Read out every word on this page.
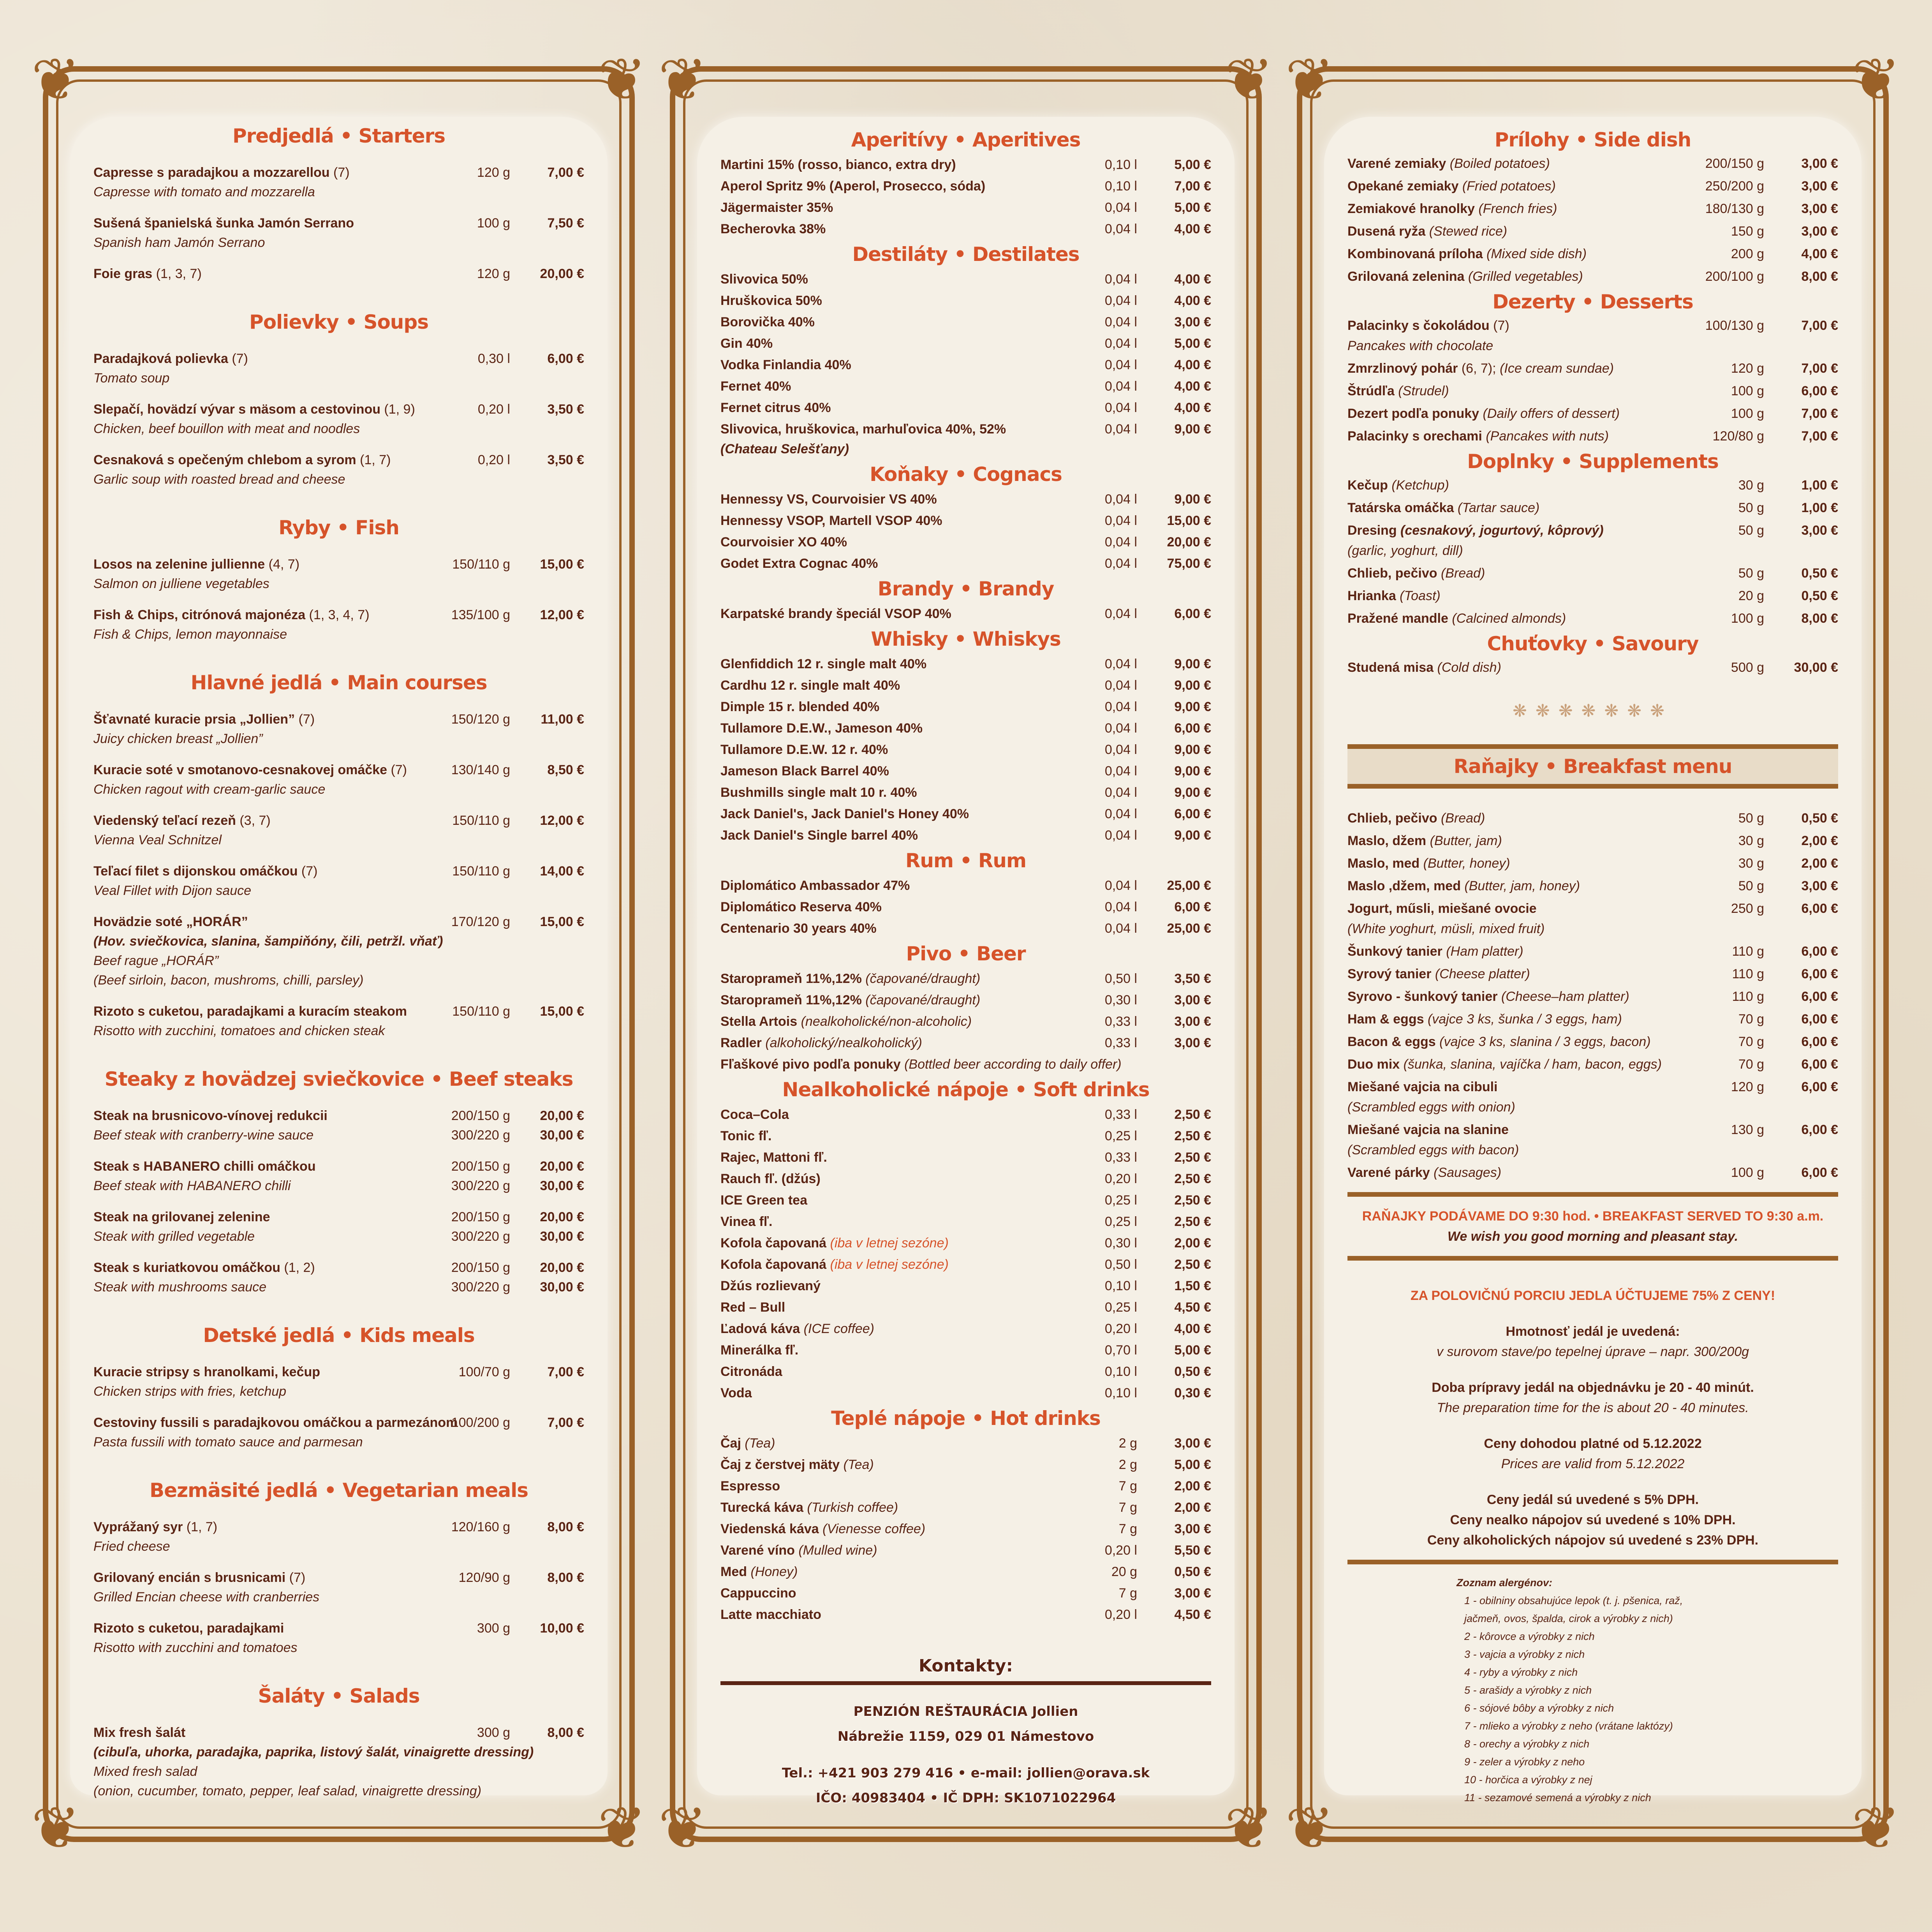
❦	❦
❦	❦
Predjedlá • Starters
Capresse s paradajkou a mozzarellou (7)
Capresse with tomato and mozzarella
120 g	7,00 €
Sušená španielská šunka Jamón Serrano
Spanish ham Jamón Serrano
100 g	7,50 €
Foie gras (1, 3, 7)	120 g 20,00 €
Polievky • Soups
Paradajková polievka (7)
Tomato soup
0,30 l	6,00 €
Slepačí, hovädzí vývar s mäsom a cestovinou (1, 9)
Chicken, beef bouillon with meat and noodles
0,20 l	3,50 €
Cesnaková s opečeným chlebom a syrom (1, 7)
Garlic soup with roasted bread and cheese
0,20 l	3,50 €
Ryby • Fish
Losos na zelenine jullienne (4, 7)
Salmon on julliene vegetables
150/110 g 15,00 €
Fish & Chips, citrónová majonéza (1, 3, 4, 7)
Fish & Chips, lemon mayonnaise
135/100 g 12,00 €
Hlavné jedlá • Main courses
Šťavnaté kuracie prsia „Jollien” (7)
Juicy chicken breast „Jollien”
150/120 g 11,00 €
Kuracie soté v smotanovo-cesnakovej omáčke (7)
Chicken ragout with cream-garlic sauce
130/140 g	8,50 €
Viedenský teľací rezeň (3, 7)
Vienna Veal Schnitzel
150/110 g 12,00 €
Teľací filet s dijonskou omáčkou (7)
Veal Fillet with Dijon sauce
150/110 g 14,00 €
Hovädzie soté „HORÁR”
(Hov. sviečkovica, slanina, šampiňóny, čili, petržl. vňať)
Beef rague „HORÁR”
(Beef sirloin, bacon, mushroms, chilli, parsley)
170/120 g 15,00 €
Rizoto s cuketou, paradajkami a kuracím steakom
Risotto with zucchini, tomatoes and chicken steak
150/110 g 15,00 €
Steaky z hovädzej sviečkovice • Beef steaks
Steak na brusnicovo-vínovej redukcii
Beef steak with cranberry-wine sauce
200/150 g 20,00 €
300/220 g 30,00 €
Steak s HABANERO chilli omáčkou
Beef steak with HABANERO chilli
200/150 g 20,00 €
300/220 g 30,00 €
Steak na grilovanej zelenine
Steak with grilled vegetable
200/150 g 20,00 €
300/220 g 30,00 €
Steak s kuriatkovou omáčkou (1, 2)
Steak with mushrooms sauce
200/150 g 20,00 €
300/220 g 30,00 €
Detské jedlá • Kids meals
Kuracie stripsy s hranolkami, kečup
Chicken strips with fries, ketchup
100/70 g	7,00 €
Cestoviny fussili s paradajkovou omáčkou a parmezánom
Pasta fussili with tomato sauce and parmesan
100/200 g	7,00 €
Bezmäsité jedlá • Vegetarian meals
Vyprážaný syr (1, 7)
Fried cheese
120/160 g	8,00 €
Grilovaný encián s brusnicami (7)
Grilled Encian cheese with cranberries
120/90 g	8,00 €
Rizoto s cuketou, paradajkami
Risotto with zucchini and tomatoes
300 g 10,00 €
Šaláty • Salads
Mix fresh šalát
(cibuľa, uhorka, paradajka, paprika, listový šalát, vinaigrette dressing)
Mixed fresh salad
(onion, cucumber, tomato, pepper, leaf salad, vinaigrette dressing)
300 g	8,00 €
❦	❦
❦	❦
Aperitívy • Aperitives
Martini 15% (rosso, bianco, extra dry)	0,10 l	5,00 €
Aperol Spritz 9% (Aperol, Prosecco, sóda)	0,10 l	7,00 €
Jägermaister 35%	0,04 l	5,00 €
Becherovka 38%	0,04 l	4,00 €
Destiláty • Destilates
Slivovica 50%	0,04 l	4,00 €
Hruškovica 50%	0,04 l	4,00 €
Borovička 40%	0,04 l	3,00 €
Gin 40%	0,04 l	5,00 €
Vodka Finlandia 40%	0,04 l	4,00 €
Fernet 40%	0,04 l	4,00 €
Fernet citrus 40%	0,04 l	4,00 €
Slivovica, hruškovica, marhuľovica 40%, 52%
(Chateau Selešťany)
0,04 l	9,00 €
Koňaky • Cognacs
Hennessy VS, Courvoisier VS 40%	0,04 l	9,00 €
Hennessy VSOP, Martell VSOP 40%	0,04 l 15,00 €
Courvoisier XO 40%	0,04 l 20,00 €
Godet Extra Cognac 40%	0,04 l 75,00 €
Brandy • Brandy
Karpatské brandy špeciál VSOP 40%	0,04 l	6,00 €
Whisky • Whiskys
Glenfiddich 12 r. single malt 40%	0,04 l	9,00 €
Cardhu 12 r. single malt 40%	0,04 l	9,00 €
Dimple 15 r. blended 40%	0,04 l	9,00 €
Tullamore D.E.W., Jameson 40%	0,04 l	6,00 €
Tullamore D.E.W. 12 r. 40%	0,04 l	9,00 €
Jameson Black Barrel 40%	0,04 l	9,00 €
Bushmills single malt 10 r. 40%	0,04 l	9,00 €
Jack Daniel's, Jack Daniel's Honey 40%	0,04 l	6,00 €
Jack Daniel's Single barrel 40%	0,04 l	9,00 €
Rum • Rum
Diplomático Ambassador 47%	0,04 l 25,00 €
Diplomático Reserva 40%	0,04 l	6,00 €
Centenario 30 years 40%	0,04 l 25,00 €
Pivo • Beer
Staroprameň 11%,12% (čapované/draught)	0,50 l	3,50 €
Staroprameň 11%,12% (čapované/draught)	0,30 l	3,00 €
Stella Artois (nealkoholické/non-alcoholic)	0,33 l	3,00 €
Radler (alkoholický/nealkoholický)	0,33 l	3,00 €
Fľaškové pivo podľa ponuky (Bottled beer according to daily offer)
Nealkoholické nápoje • Soft drinks
Coca–Cola	0,33 l	2,50 €
Tonic fľ.	0,25 l	2,50 €
Rajec, Mattoni fľ.	0,33 l	2,50 €
Rauch fľ. (džús)	0,20 l	2,50 €
ICE Green tea	0,25 l	2,50 €
Vinea fľ.	0,25 l	2,50 €
Kofola čapovaná (iba v letnej sezóne)	0,30 l	2,00 €
Kofola čapovaná (iba v letnej sezóne)	0,50 l	2,50 €
Džús rozlievaný	0,10 l	1,50 €
Red – Bull	0,25 l	4,50 €
Ľadová káva (ICE coffee)	0,20 l	4,00 €
Minerálka fľ.	0,70 l	5,00 €
Citronáda	0,10 l	0,50 €
Voda	0,10 l	0,30 €
Teplé nápoje • Hot drinks
Čaj (Tea)	2 g	3,00 €
Čaj z čerstvej mäty (Tea)	2 g	5,00 €
Espresso	7 g	2,00 €
Turecká káva (Turkish coffee)	7 g	2,00 €
Viedenská káva (Vienesse coffee)	7 g	3,00 €
Varené víno (Mulled wine)	0,20 l	5,50 €
Med (Honey)	20 g	0,50 €
Cappuccino	7 g	3,00 €
Latte macchiato	0,20 l	4,50 €
Kontakty:
PENZIÓN REŠTAURÁCIA Jollien
Nábrežie 1159, 029 01 Námestovo
Tel.: +421 903 279 416 • e-mail: jollien@orava.sk
IČO: 40983404 • IČ DPH: SK1071022964
❦	❦
❦	❦
Prílohy • Side dish
Varené zemiaky (Boiled potatoes)	200/150 g	3,00 €
Opekané zemiaky (Fried potatoes)	250/200 g	3,00 €
Zemiakové hranolky (French fries)	180/130 g	3,00 €
Dusená ryža (Stewed rice)	150 g	3,00 €
Kombinovaná príloha (Mixed side dish)	200 g	4,00 €
Grilovaná zelenina (Grilled vegetables)	200/100 g	8,00 €
Dezerty • Desserts
Palacinky s čokoládou (7)
Pancakes with chocolate
100/130 g	7,00 €
Zmrzlinový pohár (6, 7); (Ice cream sundae)	120 g	7,00 €
Štrúdľa (Strudel)	100 g	6,00 €
Dezert podľa ponuky (Daily offers of dessert)	100 g	7,00 €
Palacinky s orechami (Pancakes with nuts)	120/80 g	7,00 €
Doplnky • Supplements
Kečup (Ketchup)	30 g	1,00 €
Tatárska omáčka (Tartar sauce)	50 g	1,00 €
Dresing (cesnakový, jogurtový, kôprový)
(garlic, yoghurt, dill)
50 g	3,00 €
Chlieb, pečivo (Bread)	50 g	0,50 €
Hrianka (Toast)	20 g	0,50 €
Pražené mandle (Calcined almonds)	100 g	8,00 €
Chuťovky • Savoury
Studená misa (Cold dish)	500 g 30,00 €
❋❋❋❋❋❋❋
Raňajky • Breakfast menu
Chlieb, pečivo (Bread)	50 g	0,50 €
Maslo, džem (Butter, jam)	30 g	2,00 €
Maslo, med (Butter, honey)	30 g	2,00 €
Maslo ,džem, med (Butter, jam, honey)	50 g	3,00 €
Jogurt, műsli, miešané ovocie
(White yoghurt, müsli, mixed fruit)
250 g	6,00 €
Šunkový tanier (Ham platter)	110 g	6,00 €
Syrový tanier (Cheese platter)	110 g	6,00 €
Syrovo - šunkový tanier (Cheese–ham platter)	110 g	6,00 €
Ham & eggs (vajce 3 ks, šunka / 3 eggs, ham)	70 g	6,00 €
Bacon & eggs (vajce 3 ks, slanina / 3 eggs, bacon)	70 g	6,00 €
Duo mix (šunka, slanina, vajíčka / ham, bacon, eggs)	70 g	6,00 €
Miešané vajcia na cibuli
(Scrambled eggs with onion)
120 g	6,00 €
Miešané vajcia na slanine
(Scrambled eggs with bacon)
130 g	6,00 €
Varené párky (Sausages)	100 g	6,00 €
RAŇAJKY PODÁVAME DO 9:30 hod. • BREAKFAST SERVED TO 9:30 a.m.
We wish you good morning and pleasant stay.
ZA POLOVIČNÚ PORCIU JEDLA ÚČTUJEME 75% Z CENY!
Hmotnosť jedál je uvedená:
v surovom stave/po tepelnej úprave – napr. 300/200g
Doba prípravy jedál na objednávku je 20 - 40 minút.
The preparation time for the is about 20 - 40 minutes.
Ceny dohodou platné od 5.12.2022
Prices are valid from 5.12.2022
Ceny jedál sú uvedené s 5% DPH.
Ceny nealko nápojov sú uvedené s 10% DPH.
Ceny alkoholických nápojov sú uvedené s 23% DPH.
Zoznam alergénov:
1 - obilniny obsahujúce lepok (t. j. pšenica, raž,
jačmeň, ovos, špalda, cirok a výrobky z nich)
2 - kôrovce a výrobky z nich
3 - vajcia a výrobky z nich
4 - ryby a výrobky z nich
5 - arašidy a výrobky z nich
6 - sójové bôby a výrobky z nich
7 - mlieko a výrobky z neho (vrátane laktózy)
8 - orechy a výrobky z nich
9 - zeler a výrobky z neho
10 - horčica a výrobky z nej
11 - sezamové semená a výrobky z nich
